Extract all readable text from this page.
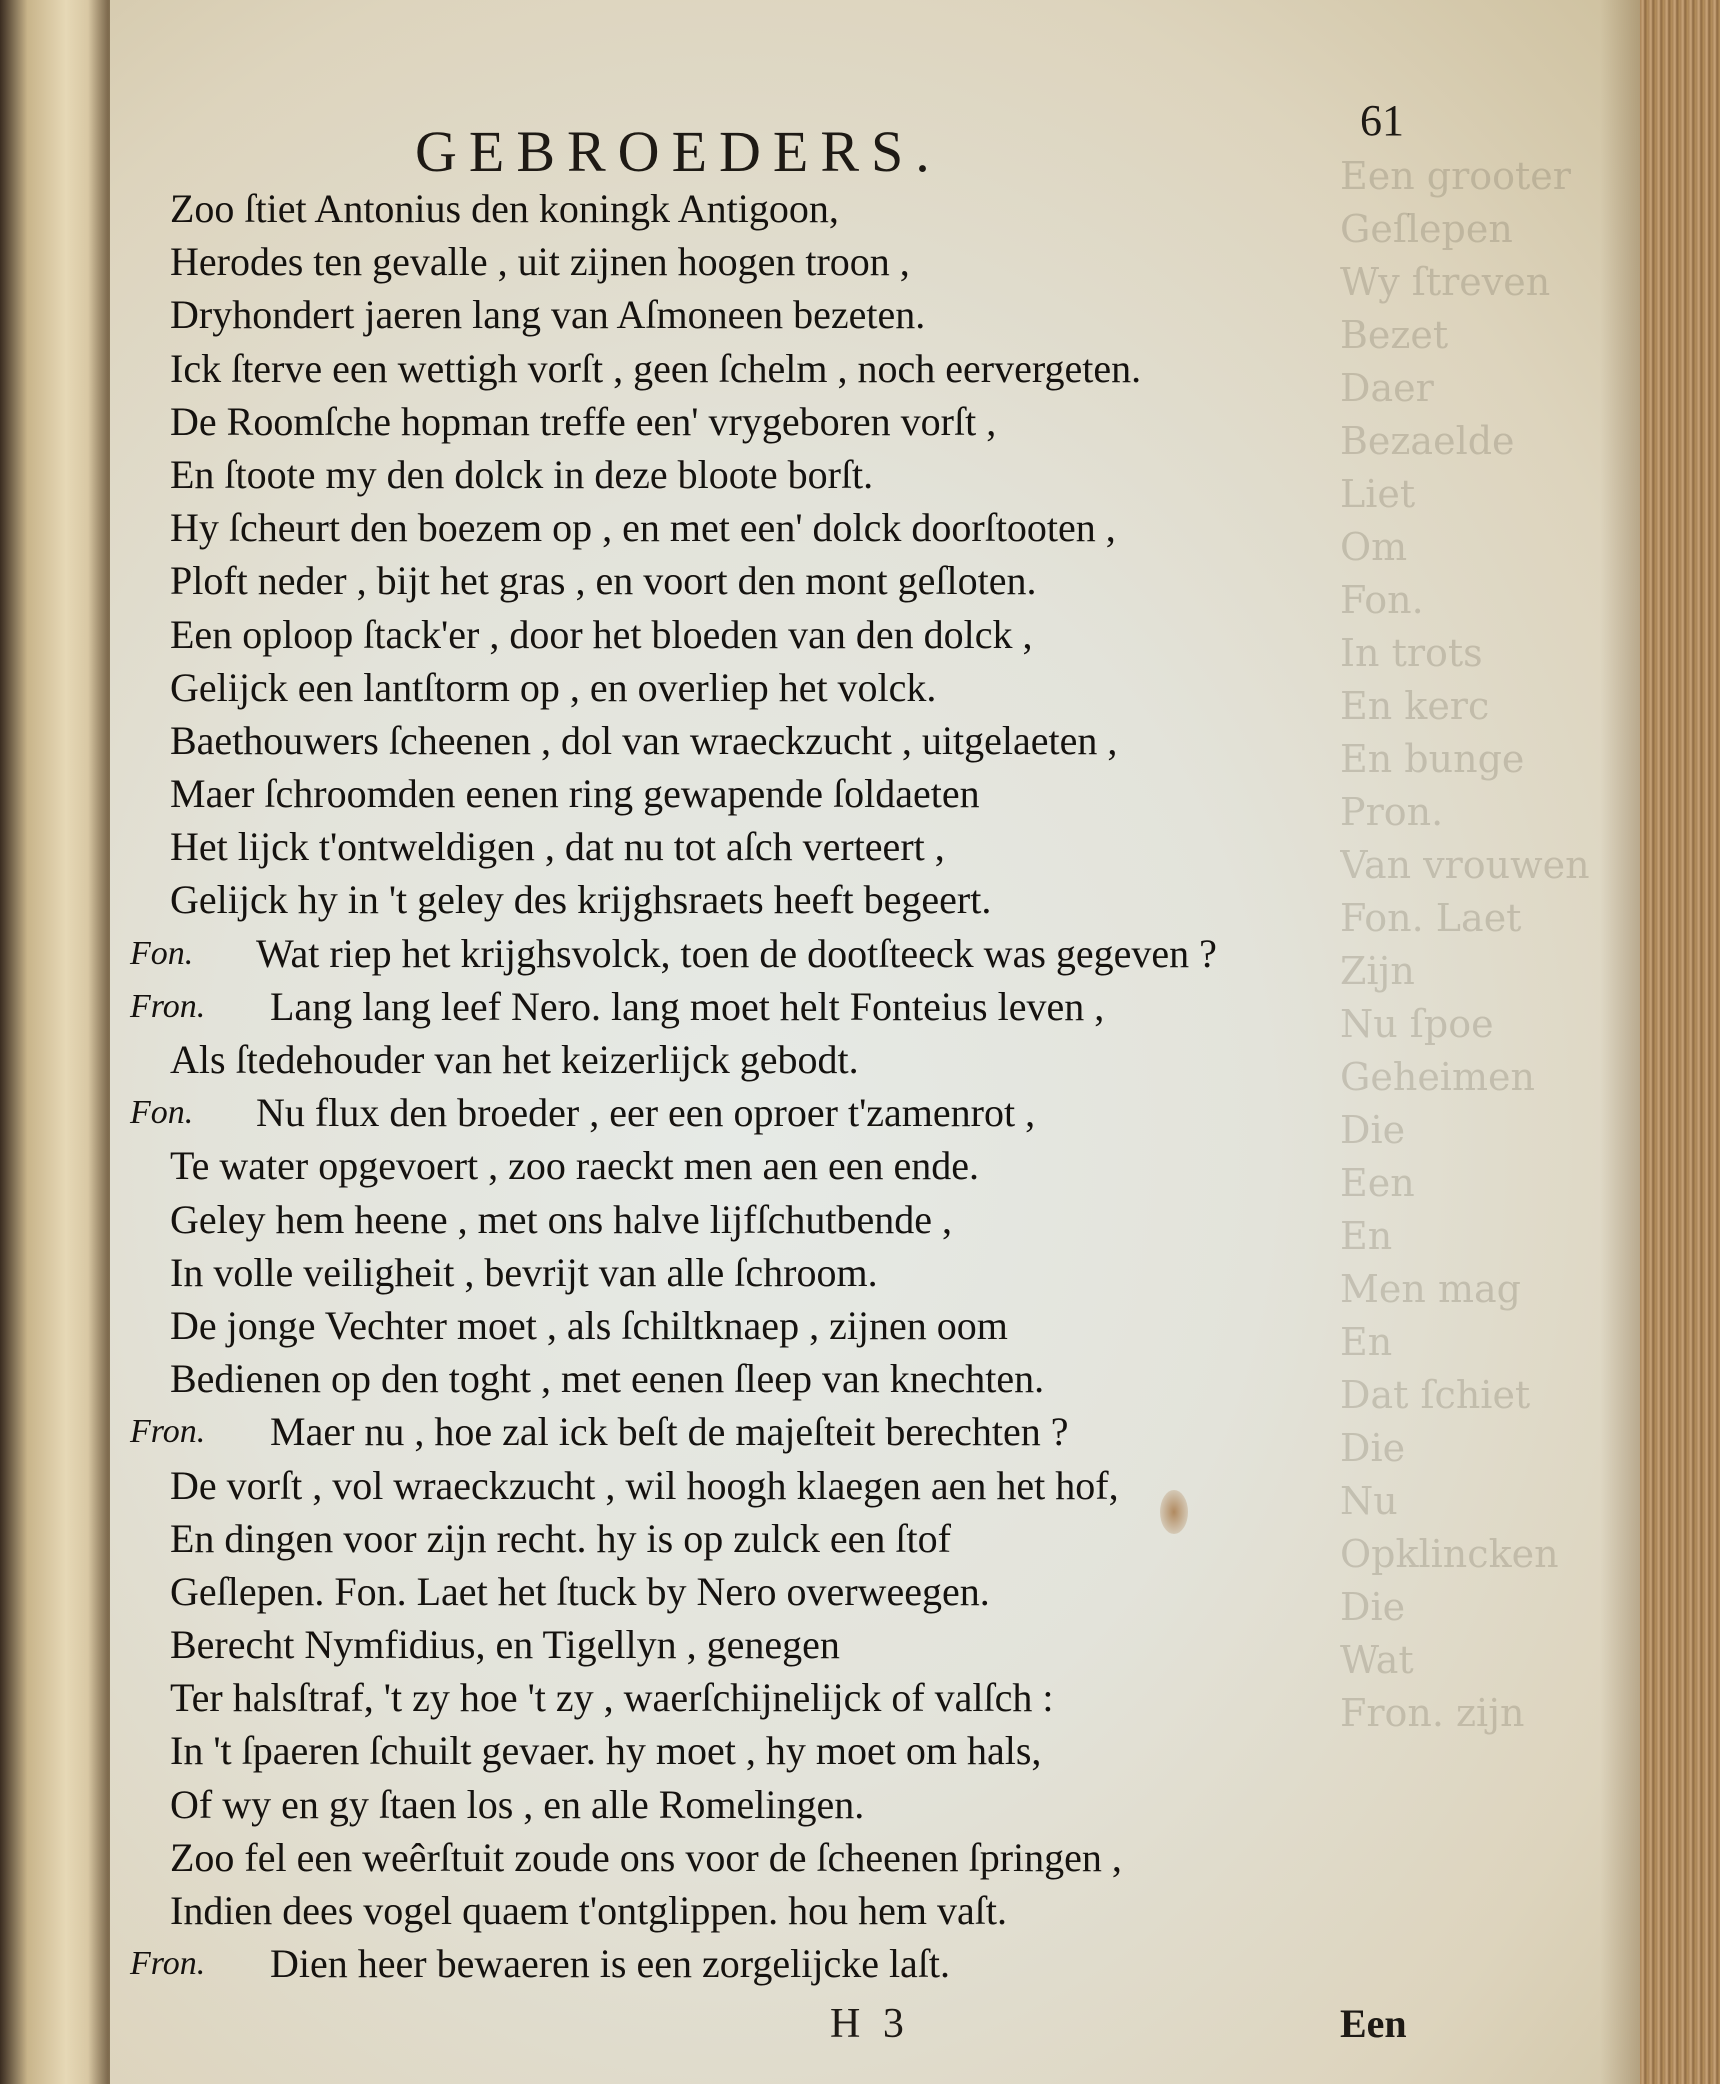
Een grooter
Geſlepen
Wy ſtreven
Bezet
Daer
Bezaelde
Liet
Om
Fon.
In trots
En kerc
En bunge
Pron.
Van vrouwen
Fon. Laet
Zijn
Nu ſpoe
Geheimen
Die
Een
En
Men mag
En
Dat ſchiet
Die
Nu
Opklincken
Die
Wat
Fron. zijn
61
GEBROEDERS.
Zoo ſtiet Antonius den koningk Antigoon,
Herodes ten gevalle , uit zijnen hoogen troon ,
Dryhondert jaeren lang van Aſmoneen bezeten.
Ick ſterve een wettigh vorſt , geen ſchelm , noch eervergeten.
De Roomſche hopman treffe een' vrygeboren vorſt ,
En ſtoote my den dolck in deze bloote borſt.
Hy ſcheurt den boezem op , en met een' dolck doorſtooten ,
Ploft neder , bijt het gras , en voort den mont geſloten.
Een oploop ſtack'er , door het bloeden van den dolck ,
Gelijck een lantſtorm op , en overliep het volck.
Baethouwers ſcheenen , dol van wraeckzucht , uitgelaeten ,
Maer ſchroomden eenen ring gewapende ſoldaeten
Het lijck t'ontweldigen , dat nu tot aſch verteert ,
Gelijck hy in 't geley des krijghsraets heeft begeert.
Fon. Wat riep het krijghsvolck, toen de dootſteeck was gegeven ?
Fron. Lang lang leef Nero. lang moet helt Fonteius leven ,
Als ſtedehouder van het keizerlijck gebodt.
Fon. Nu flux den broeder , eer een oproer t'zamenrot ,
Te water opgevoert , zoo raeckt men aen een ende.
Geley hem heene , met ons halve lijfſchutbende ,
In volle veiligheit , bevrijt van alle ſchroom.
De jonge Vechter moet , als ſchiltknaep , zijnen oom
Bedienen op den toght , met eenen ſleep van knechten.
Fron. Maer nu , hoe zal ick beſt de majeſteit berechten ?
De vorſt , vol wraeckzucht , wil hoogh klaegen aen het hof,
En dingen voor zijn recht. hy is op zulck een ſtof
Geſlepen. Fon. Laet het ſtuck by Nero overweegen.
Berecht Nymfidius, en Tigellyn , genegen
Ter halsſtraf, 't zy hoe 't zy , waerſchijnelijck of valſch :
In 't ſpaeren ſchuilt gevaer. hy moet , hy moet om hals,
Of wy en gy ſtaen los , en alle Romelingen.
Zoo fel een weêrſtuit zoude ons voor de ſcheenen ſpringen ,
Indien dees vogel quaem t'ontglippen. hou hem vaſt.
Fron. Dien heer bewaeren is een zorgelijcke laſt.
H 3	Een
